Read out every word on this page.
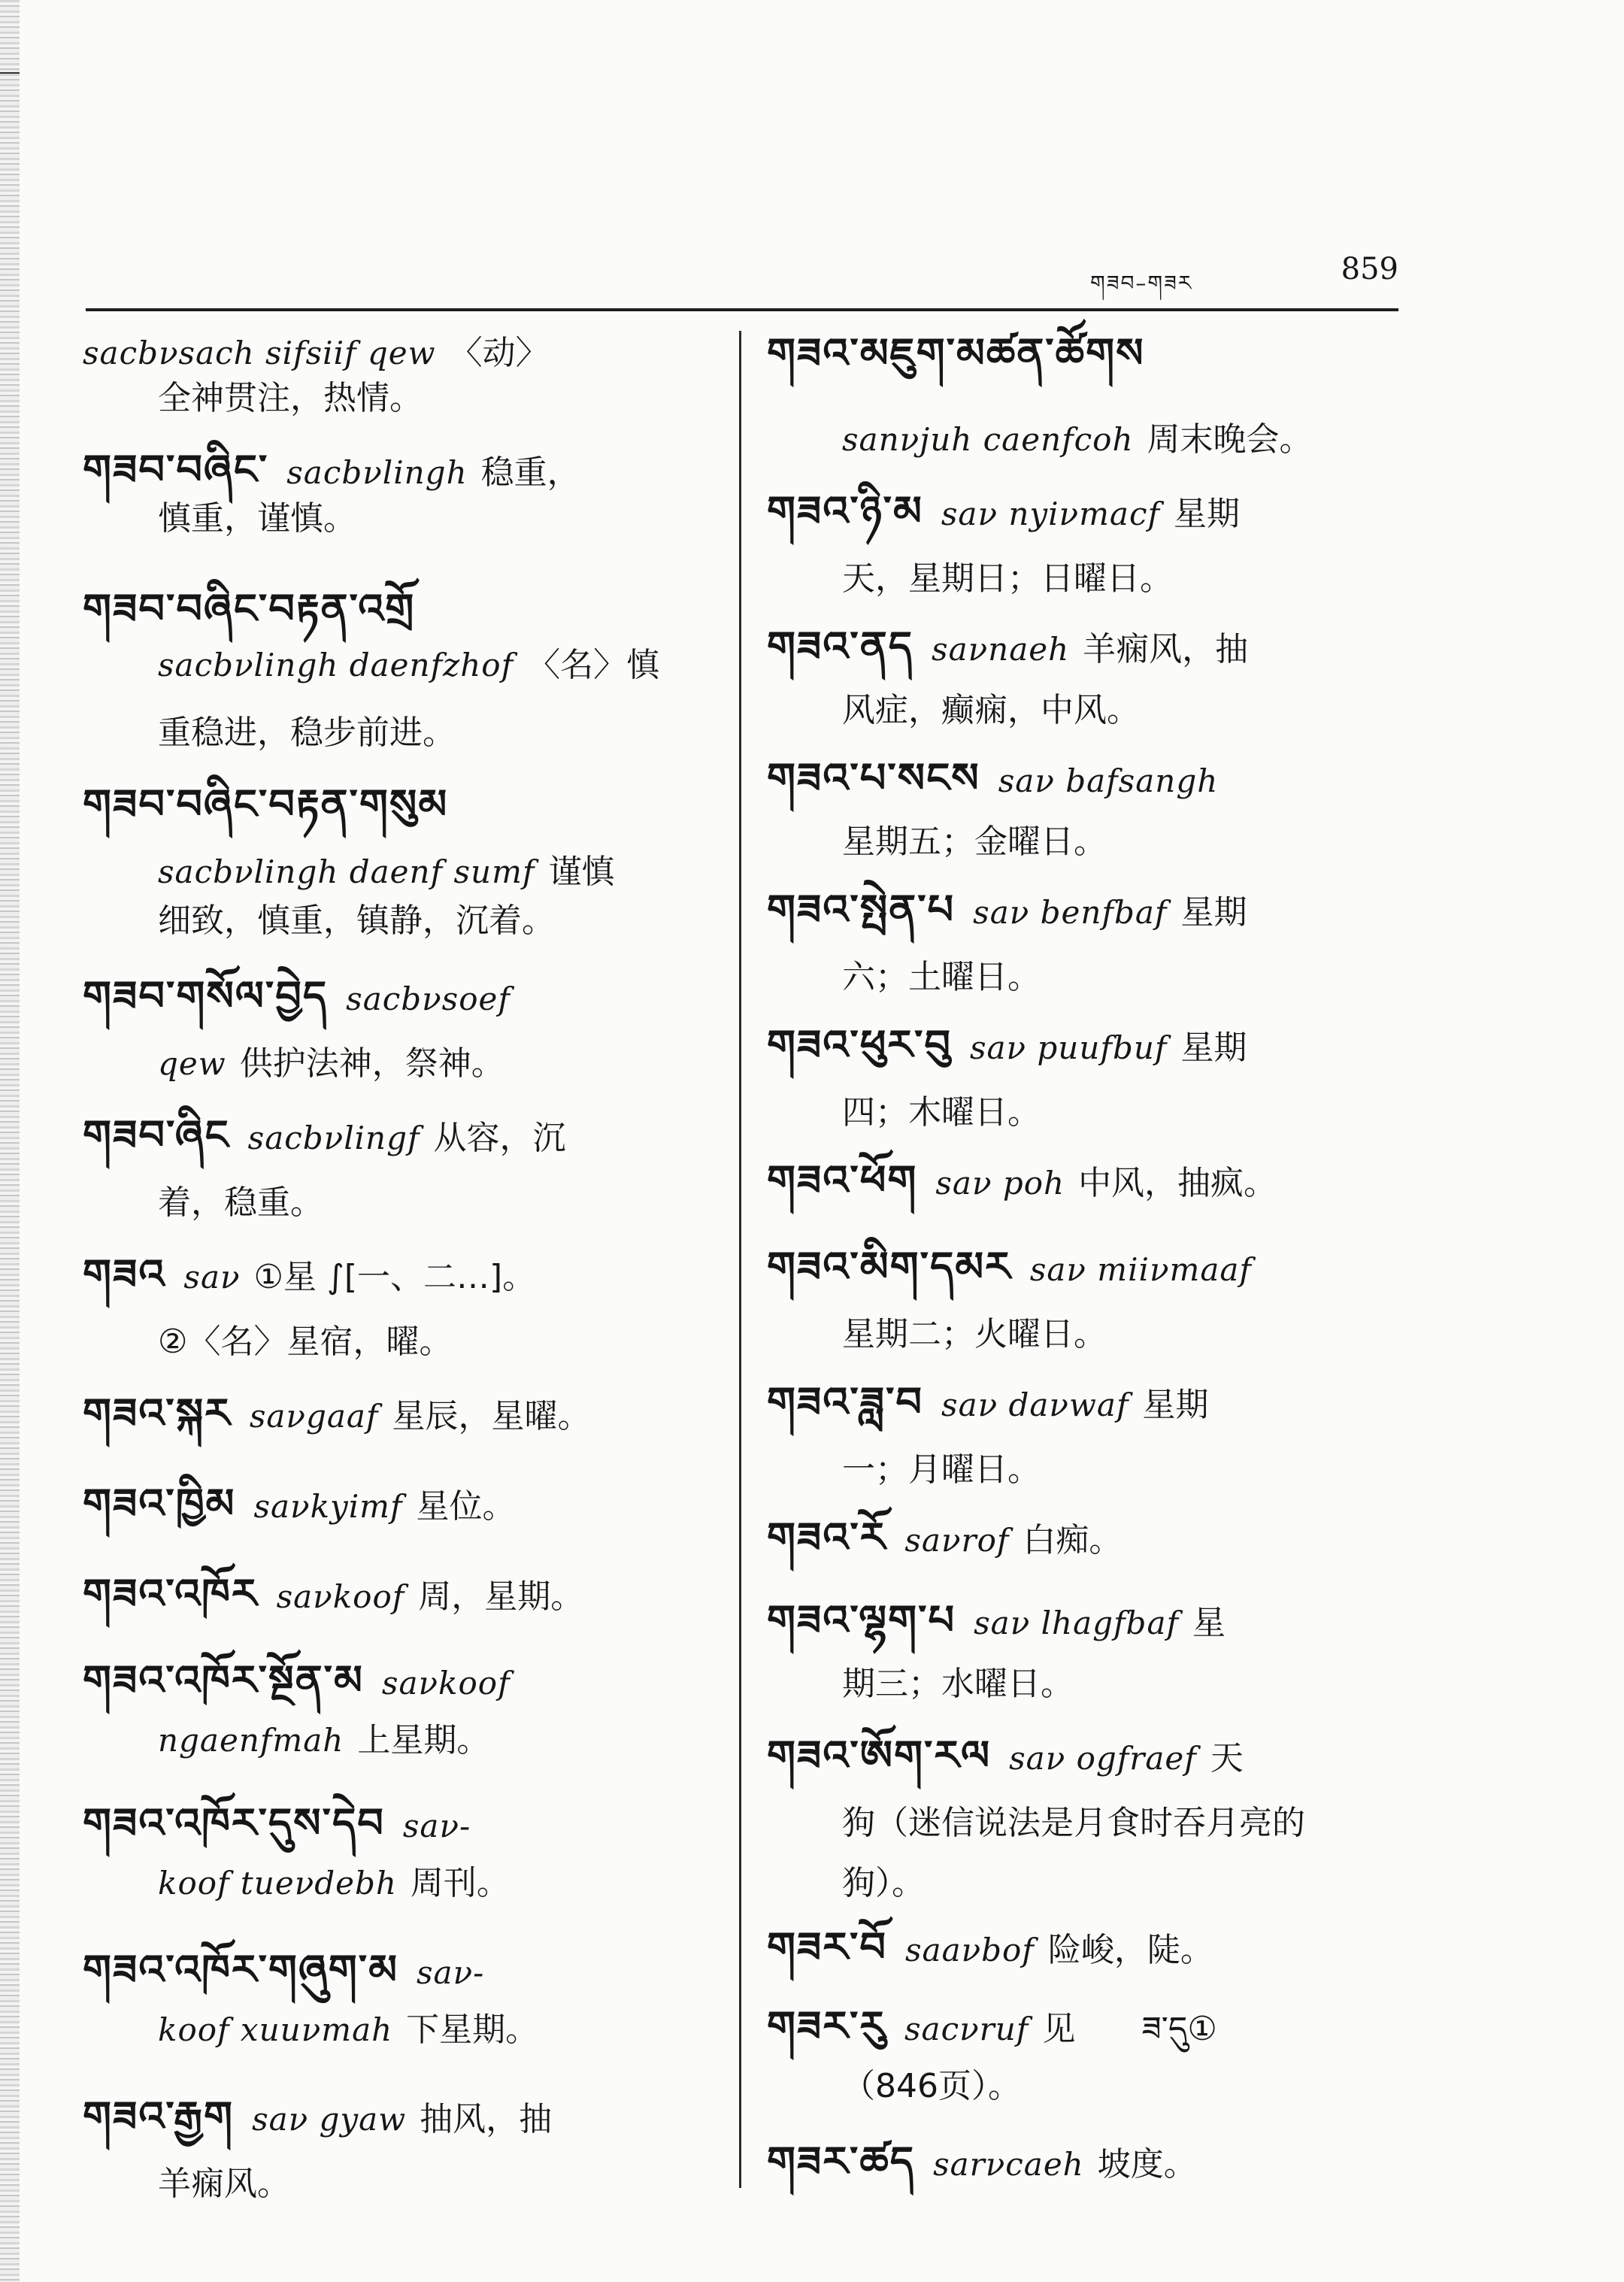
གཟབ–གཟར	859
sacbνsach sifsiif qew 〈动〉
全神贯注，热情。
གཟབ་བཞིང་ sacbνlingh 稳重，
慎重，谨慎。
གཟབ་བཞིང་བརྟན་འགྲོ
sacbνlingh daenfzhof 〈名〉慎
重稳进，稳步前进。
གཟབ་བཞིང་བརྟན་གསུམ
sacbνlingh daenf sumf 谨慎
细致，慎重，镇静，沉着。
གཟབ་གསོལ་བྱེད sacbνsoef
qew 供护法神，祭神。
གཟབ་ཞིང sacbνlingf 从容，沉
着，稳重。
གཟའ saν ①星 ∫[一、二…]。
②〈名〉星宿，曜。
གཟའ་སྐར saνgaaf 星辰，星曜。
གཟའ་ཁྱིམ saνkyimf 星位。
གཟའ་འཁོར saνkoof 周，星期。
གཟའ་འཁོར་སྔོན་མ saνkoof
ngaenfmah 上星期。
གཟའ་འཁོར་དུས་དེབ saν-
koof tueνdebh 周刊。
གཟའ་འཁོར་གཞུག་མ saν-
koof xuuνmah 下星期。
གཟའ་རྒྱག saν gyaw 抽风，抽
羊痫风。
གཟའ་མཇུག་མཚན་ཚོགས
sanνjuh caenfcoh 周末晚会。
གཟའ་ཉི་མ saν nyiνmacf 星期
天，星期日；日曜日。
གཟའ་ནད saνnaeh 羊痫风，抽
风症，癫痫，中风。
གཟའ་པ་སངས saν bafsangh
星期五；金曜日。
གཟའ་སྤེན་པ saν benfbaf 星期
六；土曜日。
གཟའ་ཕུར་བུ saν puufbuf 星期
四；木曜日。
གཟའ་ཕོག saν poh 中风，抽疯。
གཟའ་མིག་དམར saν miiνmaaf
星期二；火曜日。
གཟའ་ཟླ་བ saν daνwaf 星期
一；月曜日。
གཟའ་རོ saνrof 白痴。
གཟའ་ལྷག་པ saν lhagfbaf 星
期三；水曜日。
གཟའ་ཨོག་རལ saν ogfraef 天
狗（迷信说法是月食时吞月亮的
狗）。
གཟར་བོ saaνbof 险峻，陡。
གཟར་རུ sacνruf 见　　ཟ་དུ①
（846页）。
གཟར་ཚད sarνcaeh 坡度。
